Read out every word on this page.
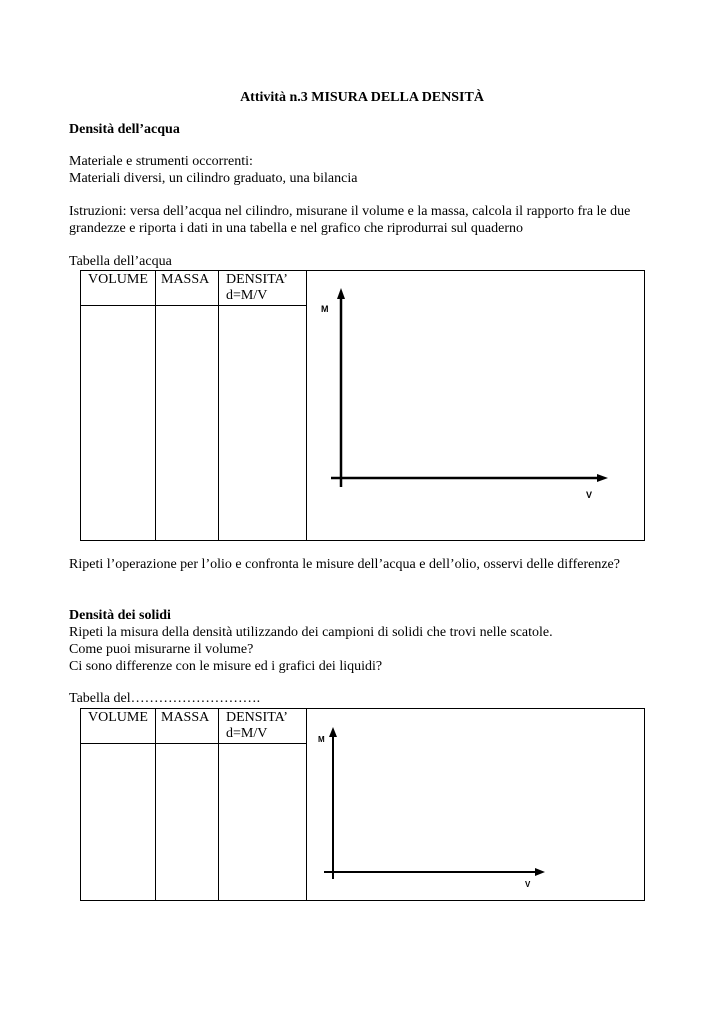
Attività n.3 MISURA DELLA DENSITÀ
Densità dell’acqua
Materiale e strumenti occorrenti:
Materiali diversi, un cilindro graduato, una bilancia
Istruzioni: versa dell’acqua nel cilindro, misurane il volume e la massa, calcola il rapporto fra le due
grandezze e riporta i dati in una tabella e nel grafico che riprodurrai sul quaderno
Tabella dell’acqua
VOLUME MASSA DENSITA’
d=M/V
M
V
Ripeti l’operazione per l’olio e confronta le misure dell’acqua e dell’olio, osservi delle differenze?
Densità dei solidi
Ripeti la misura della densità utilizzando dei campioni di solidi che trovi nelle scatole.
Come puoi misurarne il volume?
Ci sono differenze con le misure ed i grafici dei liquidi?
Tabella del……………………….
VOLUME MASSA DENSITA’
d=M/V	M
V
